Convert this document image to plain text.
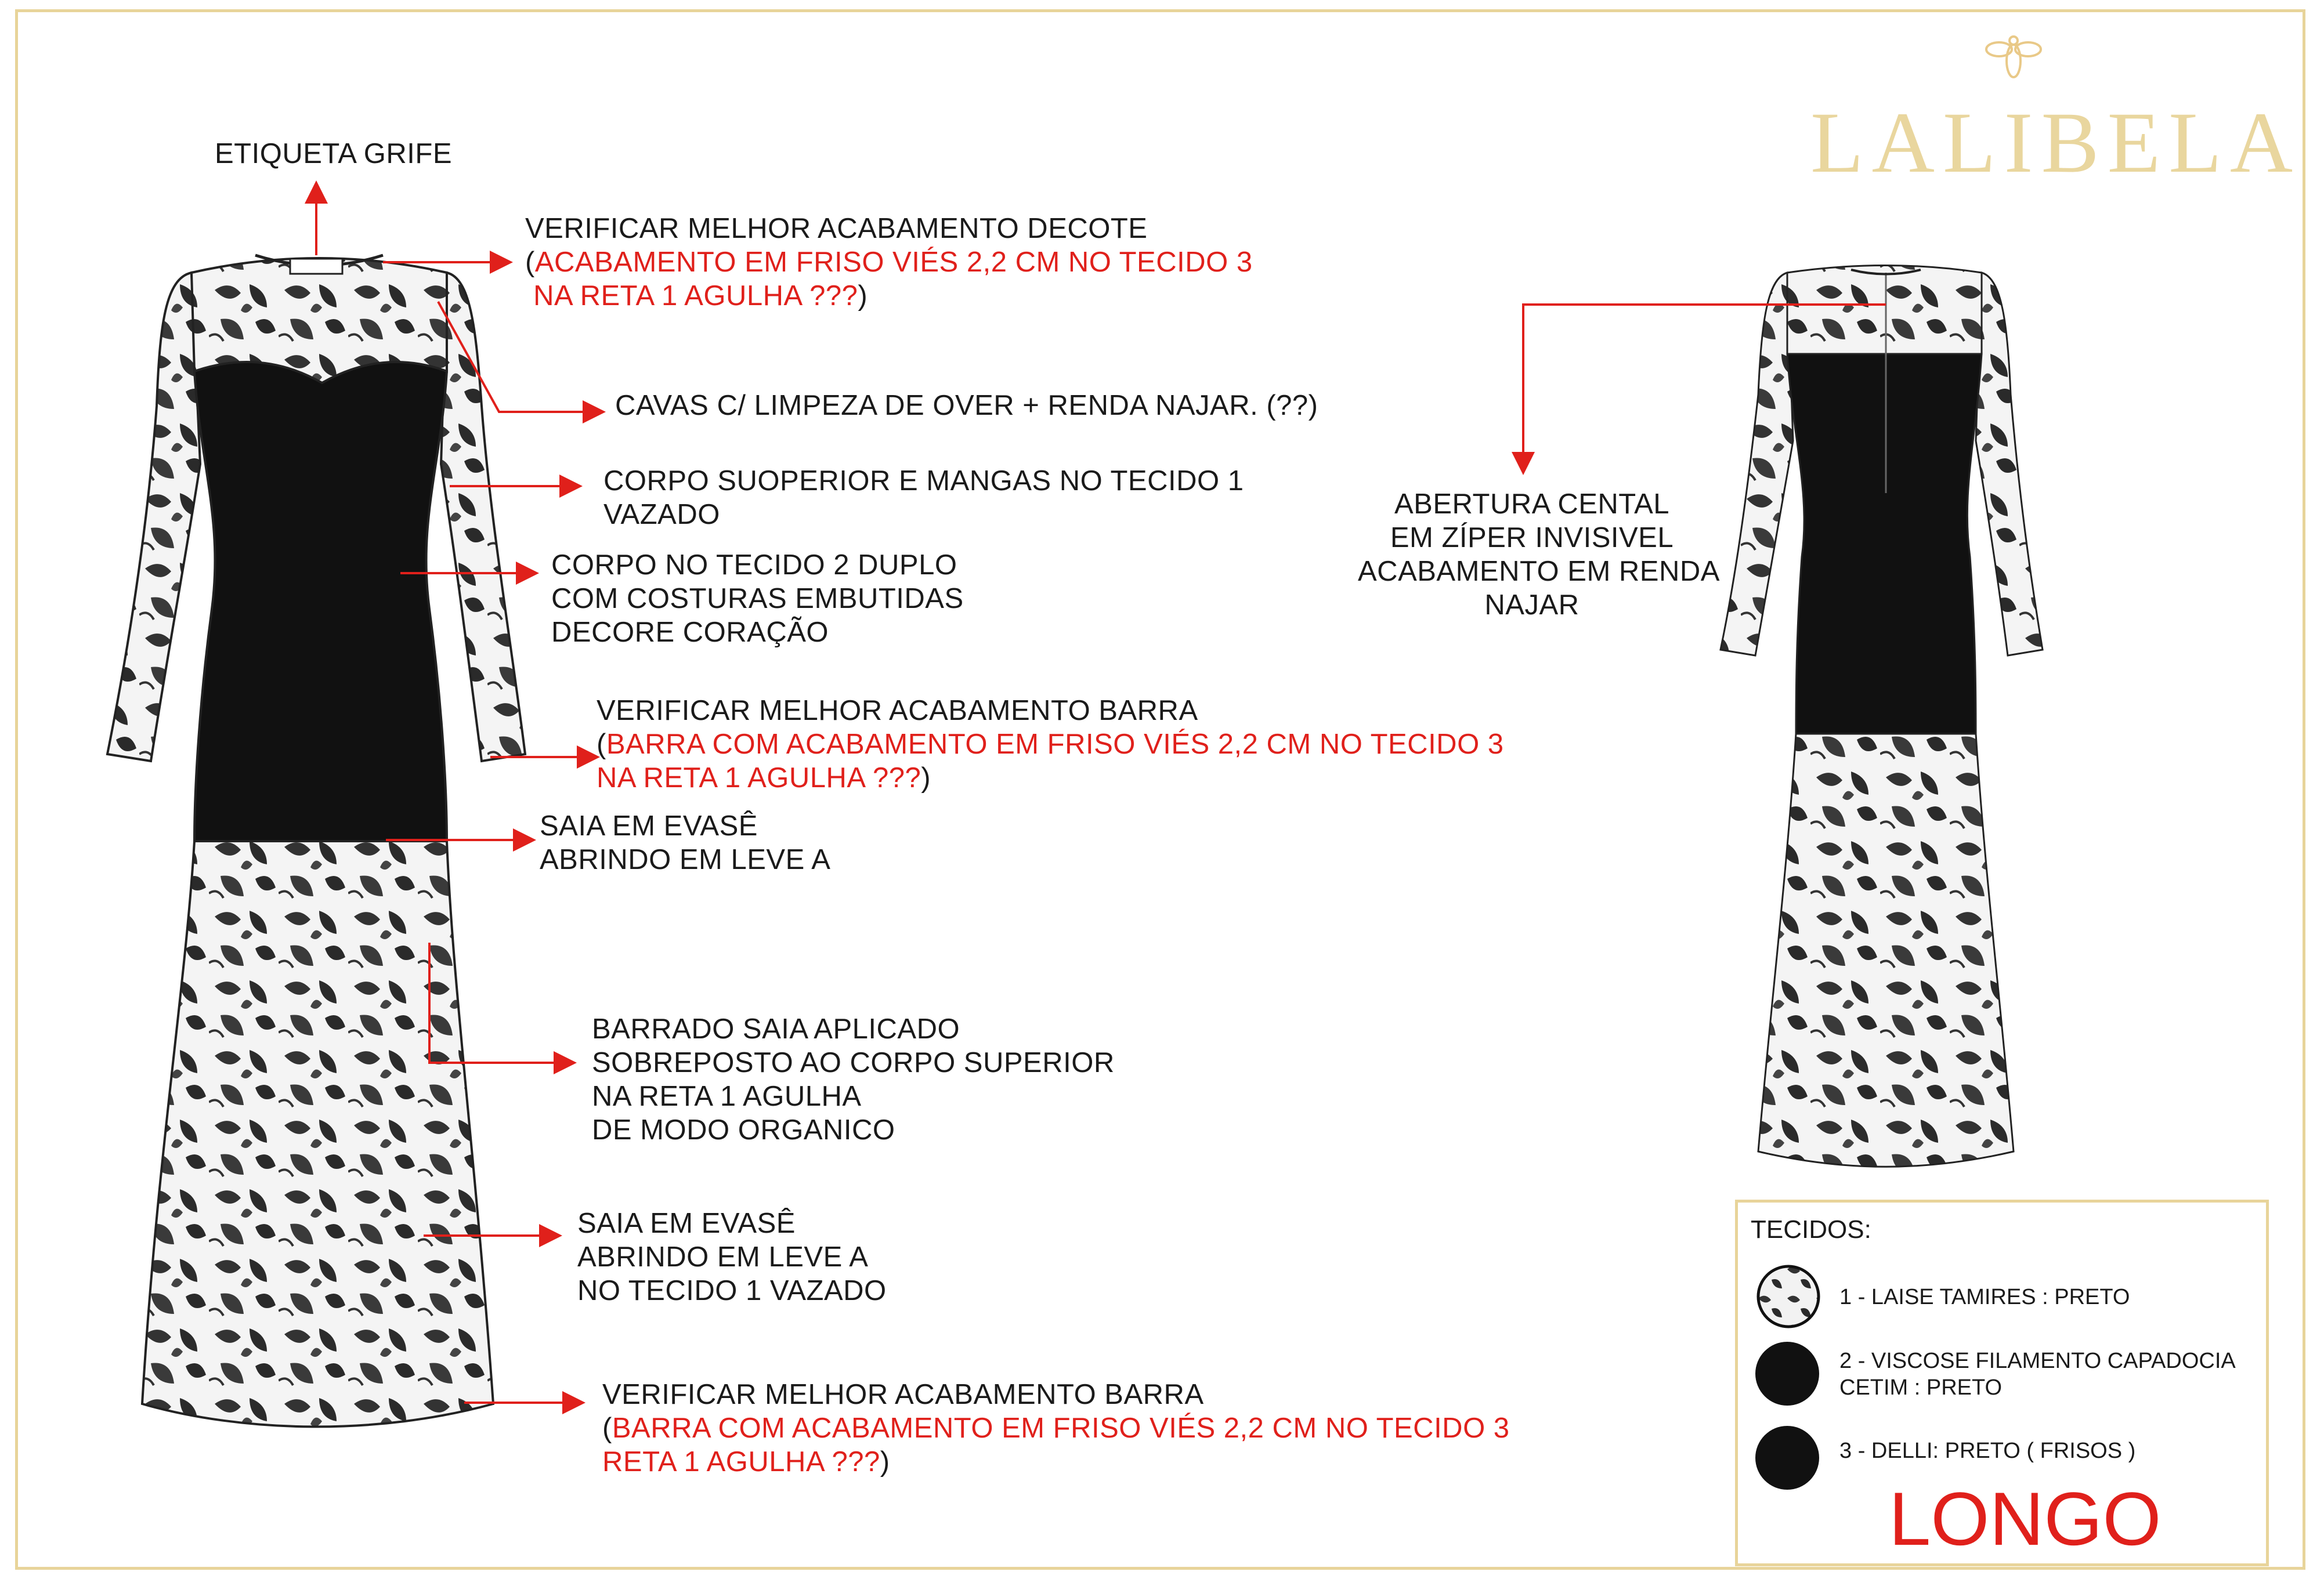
LALIBELA
ETIQUETA GRIFE
VERIFICAR MELHOR ACABAMENTO DECOTE
(ACABAMENTO EM FRISO VIÉS 2,2 CM NO TECIDO 3
NA RETA 1 AGULHA ???)
CAVAS C/ LIMPEZA DE OVER + RENDA NAJAR. (??)
CORPO SUOPERIOR E MANGAS NO TECIDO 1
VAZADO
CORPO NO TECIDO 2 DUPLO
COM COSTURAS EMBUTIDAS
DECORE CORAÇÃO
VERIFICAR MELHOR ACABAMENTO BARRA
(BARRA COM ACABAMENTO EM FRISO VIÉS 2,2 CM NO TECIDO 3
NA RETA 1 AGULHA ???)
SAIA EM EVASÊ
ABRINDO EM LEVE A
BARRADO SAIA APLICADO
SOBREPOSTO AO CORPO SUPERIOR
NA RETA 1 AGULHA
DE MODO ORGANICO
SAIA EM EVASÊ
ABRINDO EM LEVE A
NO TECIDO 1 VAZADO
VERIFICAR MELHOR ACABAMENTO BARRA
(BARRA COM ACABAMENTO EM FRISO VIÉS 2,2 CM NO TECIDO 3
RETA 1 AGULHA ???)
ABERTURA CENTAL
EM ZÍPER INVISIVEL
ACABAMENTO EM RENDA
NAJAR
TECIDOS:
1 - LAISE TAMIRES : PRETO
2 - VISCOSE FILAMENTO CAPADOCIA
CETIM : PRETO
3 - DELLI: PRETO ( FRISOS )
LONGO
